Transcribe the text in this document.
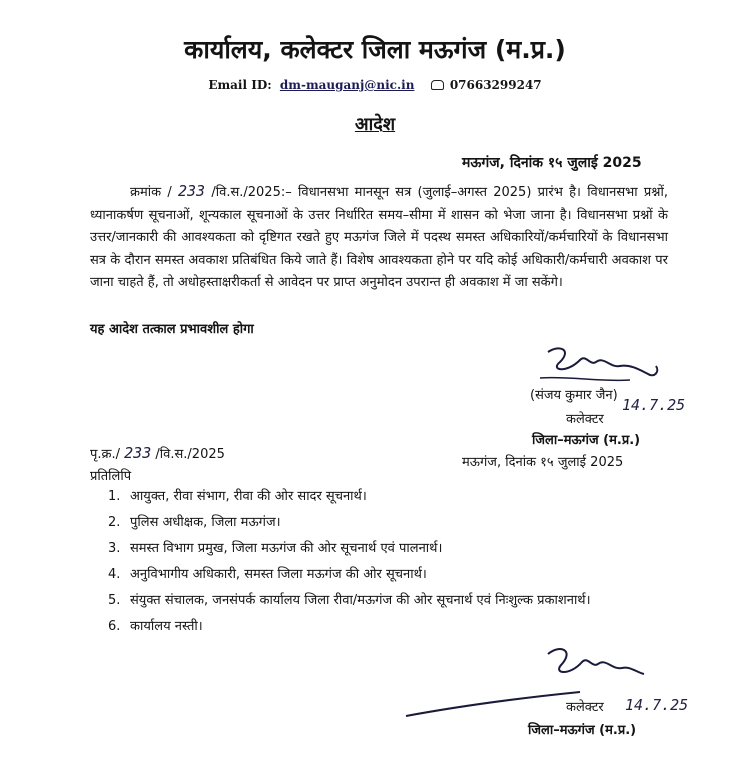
कार्यालय, कलेक्टर जिला मऊगंज (म.प्र.)
Email ID: dm-mauganj@nic.in	07663299247
आदेश
मऊगंज, दिनांक १५ जुलाई 2025
क्रमांक / 233 /वि.स./2025:– विधानसभा मानसून सत्र (जुलाई–अगस्त 2025) प्रारंभ है। विधानसभा प्रश्नों, ध्यानाकर्षण सूचनाओं, शून्यकाल सूचनाओं के उत्तर निर्धारित समय–सीमा में शासन को भेजा जाना है। विधानसभा प्रश्नों के उत्तर/जानकारी की आवश्यकता को दृष्टिगत रखते हुए मऊगंज जिले में पदस्थ समस्त अधिकारियों/कर्मचारियों के विधानसभा सत्र के दौरान समस्त अवकाश प्रतिबंधित किये जाते हैं। विशेष आवश्यकता होने पर यदि कोई अधिकारी/कर्मचारी अवकाश पर जाना चाहते हैं, तो अधोहस्ताक्षरीकर्ता से आवेदन पर प्राप्त अनुमोदन उपरान्त ही अवकाश में जा सकेंगे।
यह आदेश तत्काल प्रभावशील होगा
(संजय कुमार जैन)
14.7.25
कलेक्टर
जिला–मऊगंज (म.प्र.)
पृ.क्र./ 233 /वि.स./2025
मऊगंज, दिनांक १५ जुलाई 2025
प्रतिलिपि
1. आयुक्त, रीवा संभाग, रीवा की ओर सादर सूचनार्थ।
2. पुलिस अधीक्षक, जिला मऊगंज।
3. समस्त विभाग प्रमुख, जिला मऊगंज की ओर सूचनार्थ एवं पालनार्थ।
4. अनुविभागीय अधिकारी, समस्त जिला मऊगंज की ओर सूचनार्थ।
5. संयुक्त संचालक, जनसंपर्क कार्यालय जिला रीवा/मऊगंज की ओर सूचनार्थ एवं निःशुल्क प्रकाशनार्थ।
6. कार्यालय नस्ती।
कलेक्टर 14.7.25
जिला–मऊगंज (म.प्र.)
